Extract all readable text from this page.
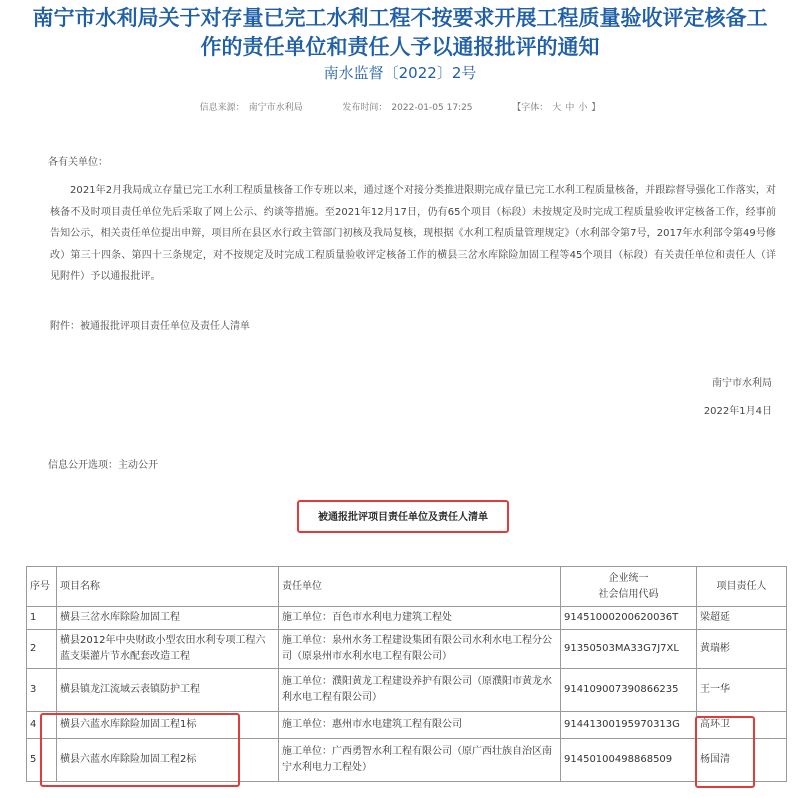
南宁市水利局关于对存量已完工水利工程不按要求开展工程质量验收评定核备工作的责任单位和责任人予以通报批评的通知
南水监督〔2022〕2号
信息来源： 南宁市水利局	发布时间： 2022-01-05 17:25	【字体： 大 中 小 】
各有关单位：
2021年2月我局成立存量已完工水利工程质量核备工作专班以来，通过逐个对接分类推进限期完成存量已完工水利工程质量核备，并跟踪督导强化工作落实，对核备不及时项目责任单位先后采取了网上公示、约谈等措施。至2021年12月17日，仍有65个项目（标段）未按规定及时完成工程质量验收评定核备工作，经事前告知公示，相关责任单位提出申辩，项目所在县区水行政主管部门初核及我局复核，现根据《水利工程质量管理规定》（水利部令第7号，2017年水利部令第49号修改）第三十四条、第四十三条规定，对不按规定及时完成工程质量验收评定核备工作的横县三岔水库除险加固工程等45个项目（标段）有关责任单位和责任人（详见附件）予以通报批评。
附件：被通报批评项目责任单位及责任人清单
南宁市水利局
2022年1月4日
信息公开选项：主动公开
被通报批评项目责任单位及责任人清单
序号	项目名称	责任单位	企业统一
社会信用代码	项目责任人
1	横县三岔水库除险加固工程	施工单位：百色市水利电力建筑工程处	9145100020062003​6T	梁超延
2	横县2012年中央财政小型农田水利专项工程六蓝支渠灌片节水配套改造工程	施工单位：泉州水务工程建设集团有限公司水利水电工程分公司（原泉州市水利水电工程有限公司）	91350503MA33G7J7XL	黄瑞彬
3	横县镇龙江流域云表镇防护工程	施工单位：濮阳黄龙工程建设养护有限公司（原濮阳市黄龙水利水电工程有限公司）	914109007390866235	王一华
4	横县六蓝水库除险加固工程1标	施工单位：惠州市水电建筑工程有限公司	91441300195970313G	高环卫
5	横县六蓝水库除险加固工程2标	施工单位：广西勇智水利工程有限公司（原广西壮族自治区南宁水利电力工程处）	91450100498868509	杨国清
